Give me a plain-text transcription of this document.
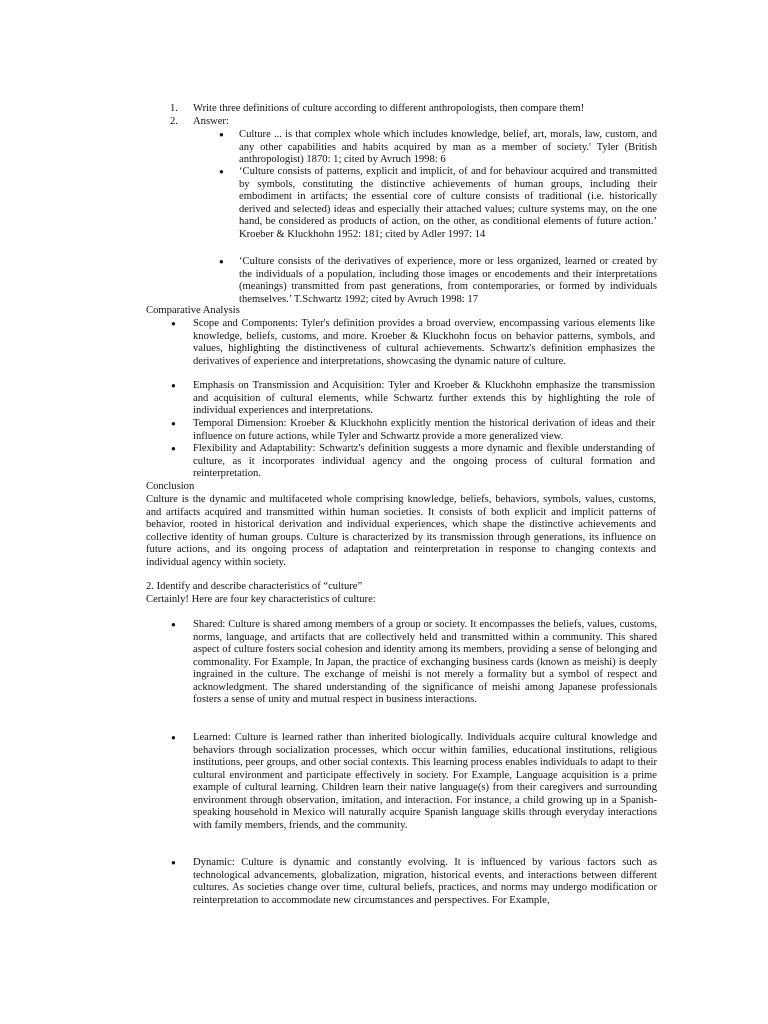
1. Write three definitions of culture according to different anthropologists, then compare them!
2. Answer:
● Culture ... is that complex whole which includes knowledge, belief, art, morals, law, custom, and any other capabilities and habits acquired by man as a member of society.' Tyler (British anthropologist) 1870: 1; cited by Avruch 1998: 6

● ‘Culture consists of patterns, explicit and implicit, of and for behaviour acquired and transmitted by symbols, constituting the distinctive achievements of human groups, including their embodiment in artifacts; the essential core of culture consists of traditional (i.e. historically derived and selected) ideas and especially their attached values; culture systems may, on the one hand, be considered as products of action, on the other, as conditional elements of future action.’ Kroeber & Kluckhohn 1952: 181; cited by Adler 1997: 14

● ‘Culture consists of the derivatives of experience, more or less organized, learned or created by the individuals of a population, including those images or encodements and their interpretations (meanings) transmitted from past generations, from contemporaries, or formed by individuals themselves.’ T.Schwartz 1992; cited by Avruch 1998: 17

Comparative Analysis
● Scope and Components: Tyler's definition provides a broad overview, encompassing various elements like knowledge, beliefs, customs, and more. Kroeber & Kluckhohn focus on behavior patterns, symbols, and values, highlighting the distinctiveness of cultural achievements. Schwartz's definition emphasizes the derivatives of experience and interpretations, showcasing the dynamic nature of culture.

● Emphasis on Transmission and Acquisition: Tyler and Kroeber & Kluckhohn emphasize the transmission and acquisition of cultural elements, while Schwartz further extends this by highlighting the role of individual experiences and interpretations.

● Temporal Dimension: Kroeber & Kluckhohn explicitly mention the historical derivation of ideas and their influence on future actions, while Tyler and Schwartz provide a more generalized view.

● Flexibility and Adaptability: Schwartz's definition suggests a more dynamic and flexible understanding of culture, as it incorporates individual agency and the ongoing process of cultural formation and reinterpretation.

Conclusion

Culture is the dynamic and multifaceted whole comprising knowledge, beliefs, behaviors, symbols, values, customs, and artifacts acquired and transmitted within human societies. It consists of both explicit and implicit patterns of behavior, rooted in historical derivation and individual experiences, which shape the distinctive achievements and collective identity of human groups. Culture is characterized by its transmission through generations, its influence on future actions, and its ongoing process of adaptation and reinterpretation in response to changing contexts and individual agency within society.

2. Identify and describe characteristics of “culture”
Certainly! Here are four key characteristics of culture:
● Shared: Culture is shared among members of a group or society. It encompasses the beliefs, values, customs, norms, language, and artifacts that are collectively held and transmitted within a community. This shared aspect of culture fosters social cohesion and identity among its members, providing a sense of belonging and commonality. For Example, In Japan, the practice of exchanging business cards (known as meishi) is deeply ingrained in the culture. The exchange of meishi is not merely a formality but a symbol of respect and acknowledgment. The shared understanding of the significance of meishi among Japanese professionals fosters a sense of unity and mutual respect in business interactions.

● Learned: Culture is learned rather than inherited biologically. Individuals acquire cultural knowledge and behaviors through socialization processes, which occur within families, educational institutions, religious institutions, peer groups, and other social contexts. This learning process enables individuals to adapt to their cultural environment and participate effectively in society. For Example, Language acquisition is a prime example of cultural learning. Children learn their native language(s) from their caregivers and surrounding environment through observation, imitation, and interaction. For instance, a child growing up in a Spanish-speaking household in Mexico will naturally acquire Spanish language skills through everyday interactions with family members, friends, and the community.

● Dynamic: Culture is dynamic and constantly evolving. It is influenced by various factors such as technological advancements, globalization, migration, historical events, and interactions between different cultures. As societies change over time, cultural beliefs, practices, and norms may undergo modification or reinterpretation to accommodate new circumstances and perspectives. For Example,
